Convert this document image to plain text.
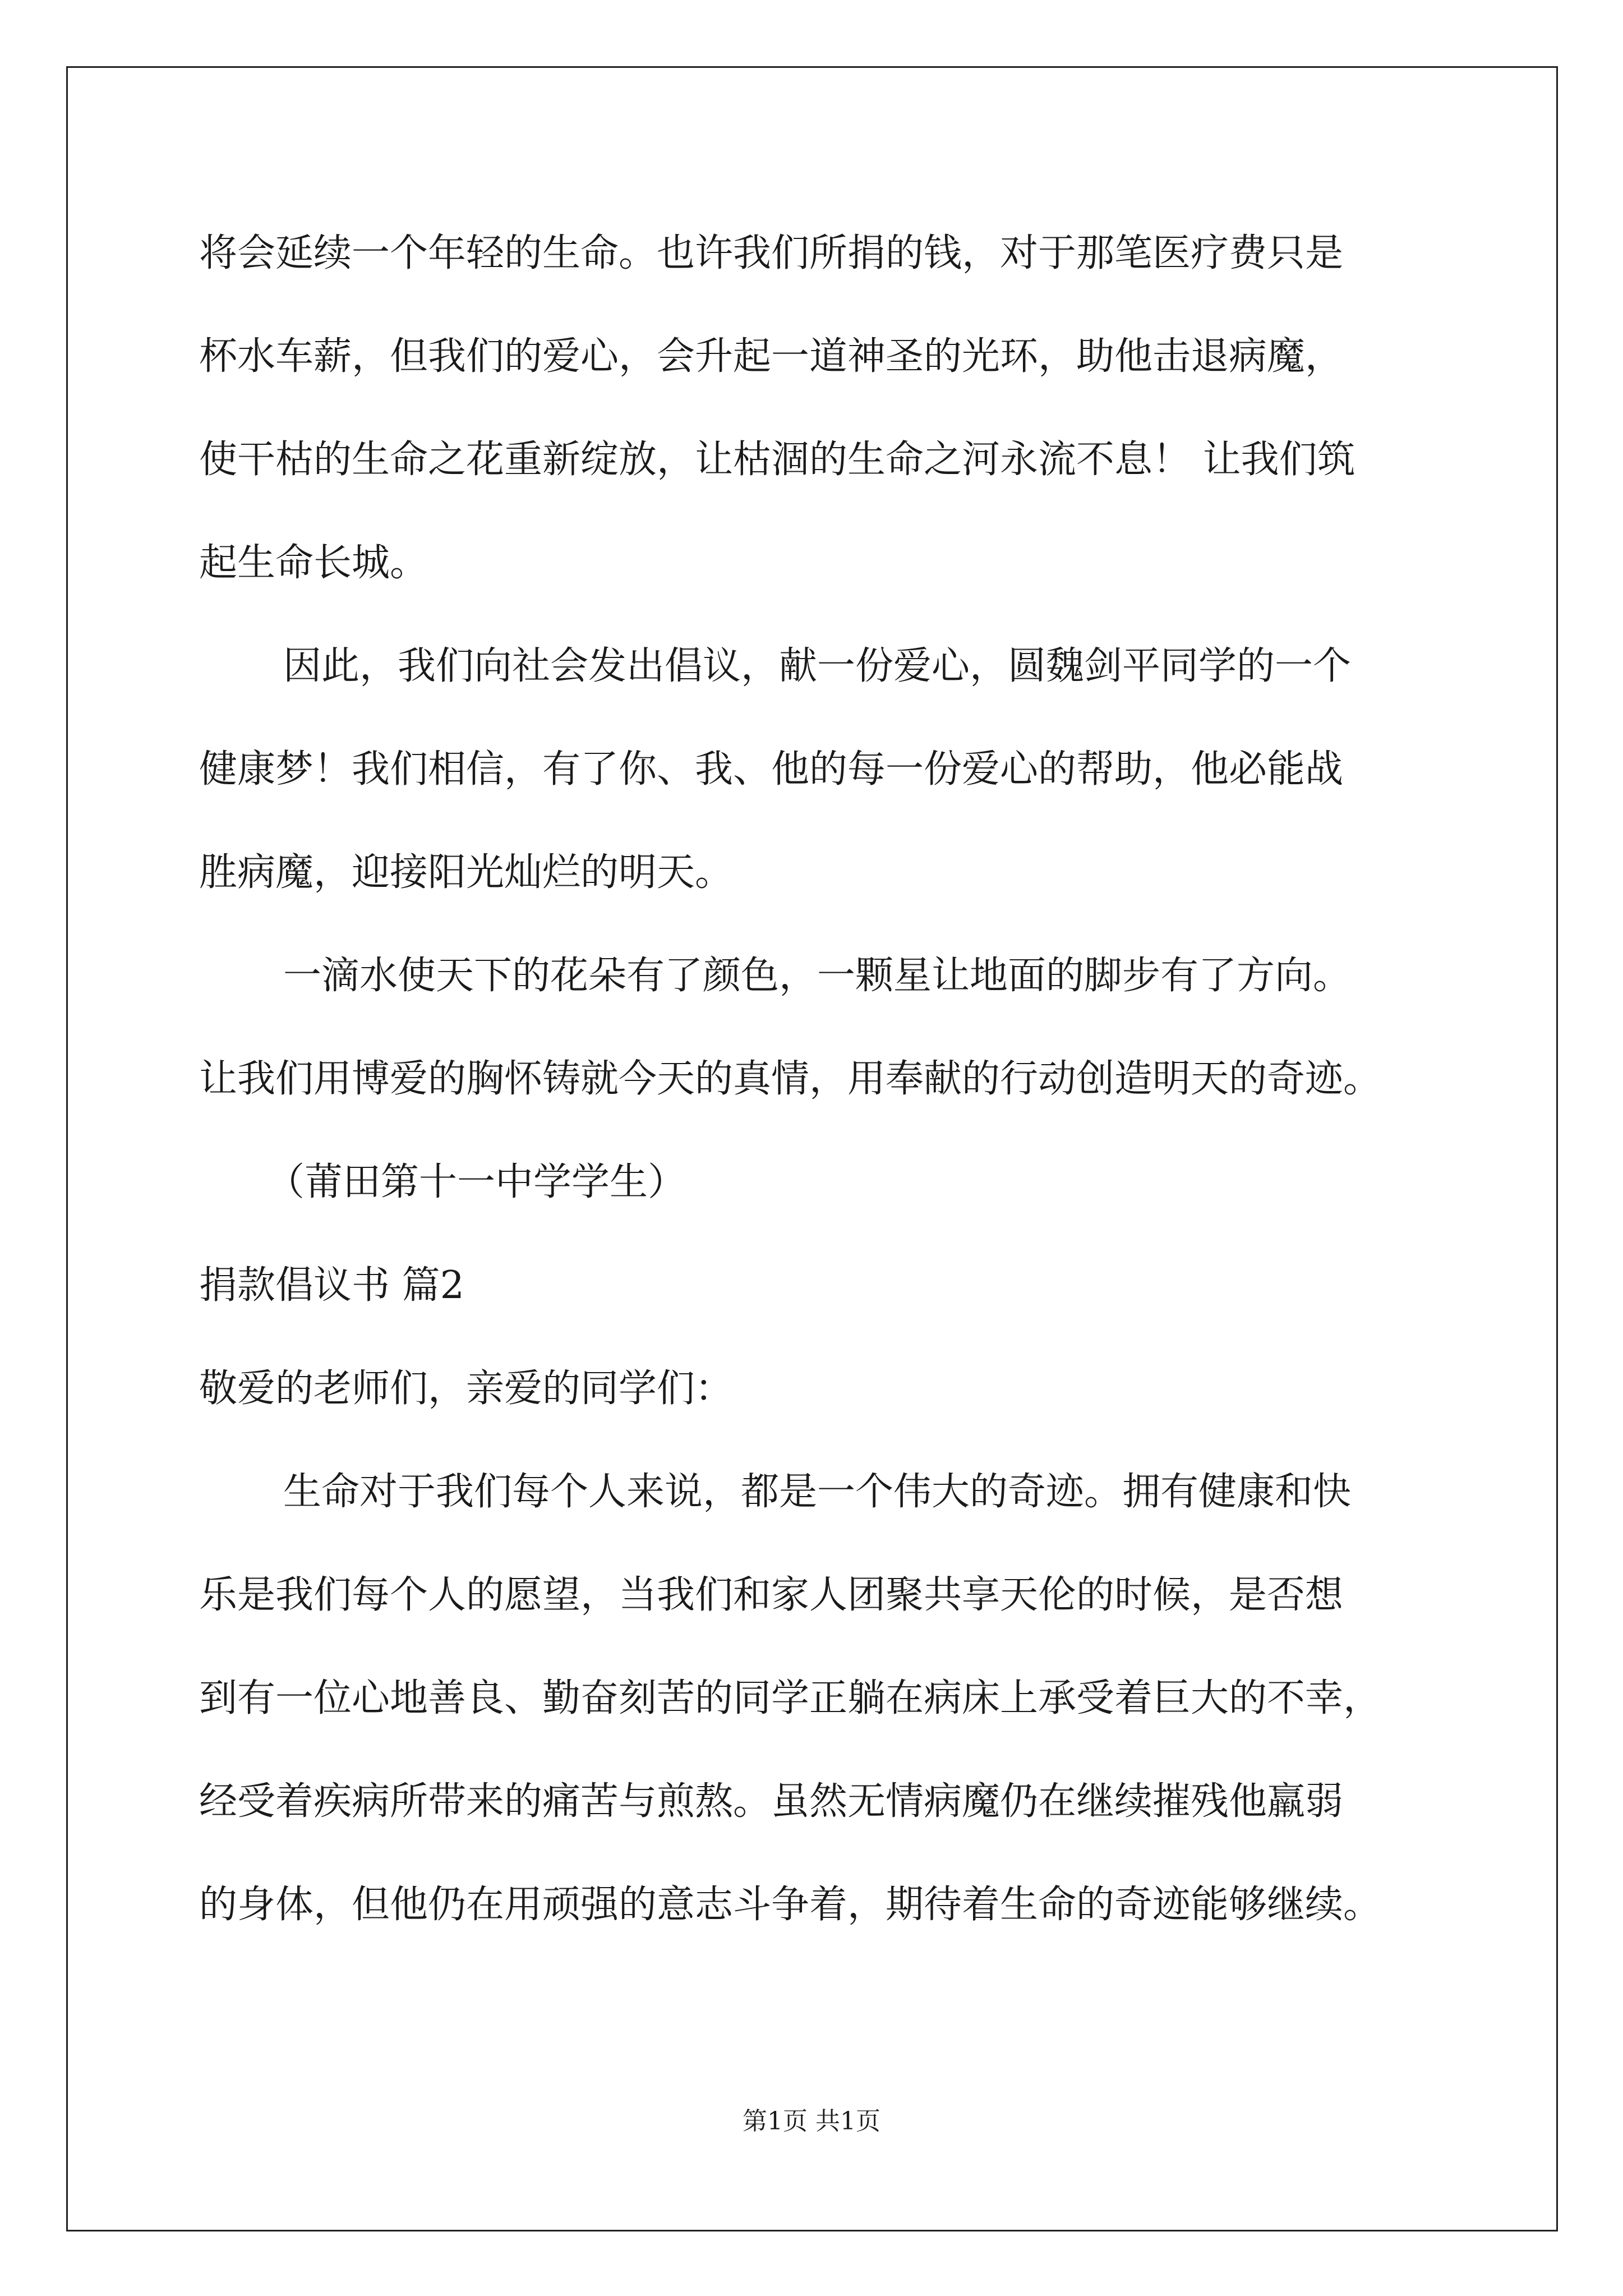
将会延续一个年轻的生命。也许我们所捐的钱，对于那笔医疗费只是
杯水车薪，但我们的爱心，会升起一道神圣的光环，助他击退病魔，
使干枯的生命之花重新绽放，让枯涸的生命之河永流不息！ 让我们筑
起生命长城。
因此，我们向社会发出倡议，献一份爱心，圆魏剑平同学的一个
健康梦！我们相信，有了你、我、他的每一份爱心的帮助，他必能战
胜病魔，迎接阳光灿烂的明天。
一滴水使天下的花朵有了颜色，一颗星让地面的脚步有了方向。
让我们用博爱的胸怀铸就今天的真情，用奉献的行动创造明天的奇迹。
（莆田第十一中学学生）
捐款倡议书 篇2
敬爱的老师们，亲爱的同学们：
生命对于我们每个人来说，都是一个伟大的奇迹。拥有健康和快
乐是我们每个人的愿望，当我们和家人团聚共享天伦的时候，是否想
到有一位心地善良、勤奋刻苦的同学正躺在病床上承受着巨大的不幸，
经受着疾病所带来的痛苦与煎熬。虽然无情病魔仍在继续摧残他羸弱
的身体，但他仍在用顽强的意志斗争着，期待着生命的奇迹能够继续。
第1页 共1页
